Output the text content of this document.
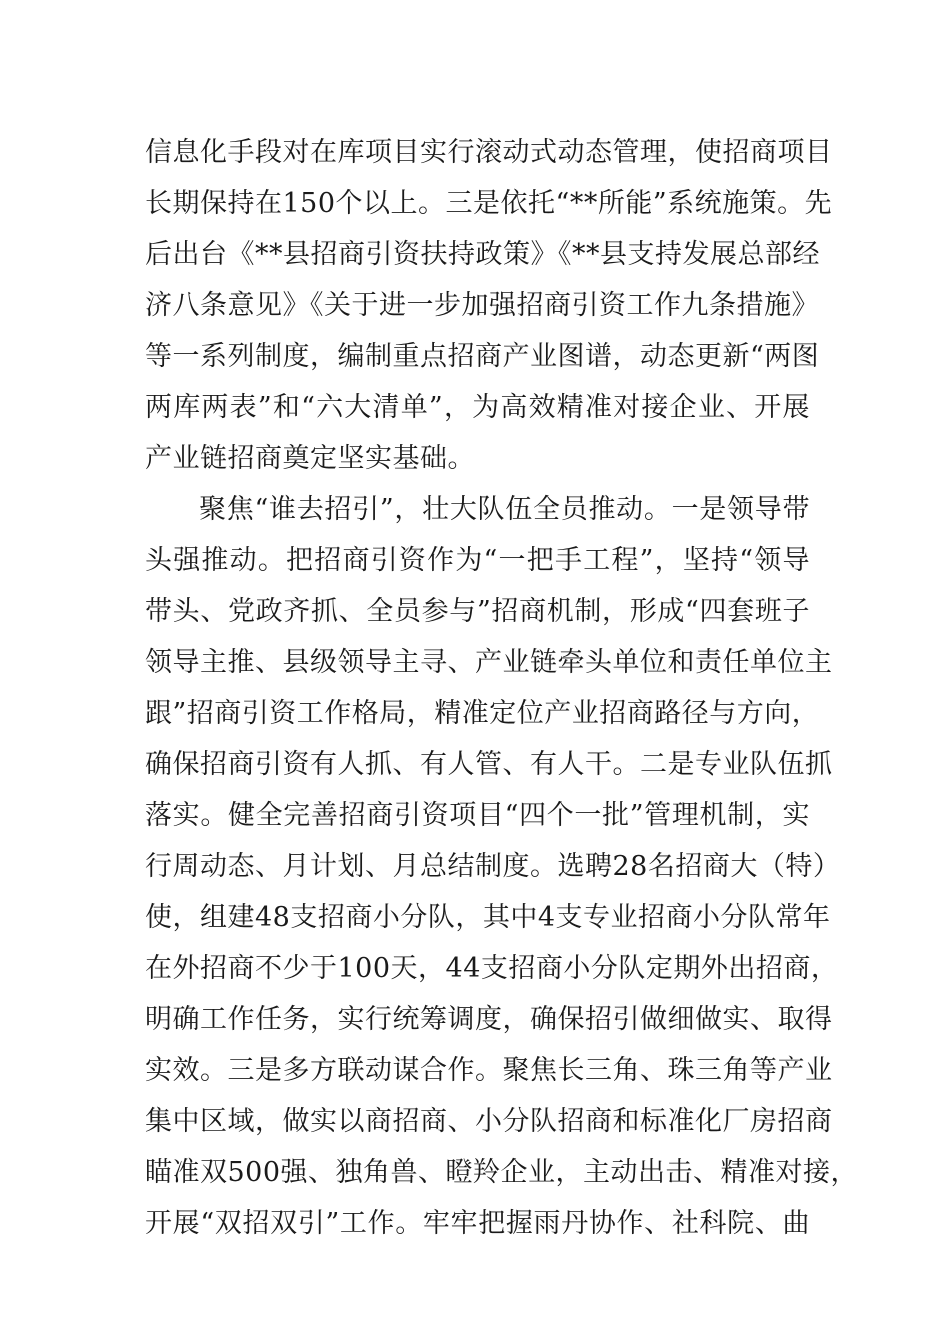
信息化手段对在库项目实行滚动式动态管理，使招商项目
长期保持在150个以上。三是依托“**所能”系统施策。先
后出台《**县招商引资扶持政策》《**县支持发展总部经
济八条意见》《关于进一步加强招商引资工作九条措施》
等一系列制度，编制重点招商产业图谱，动态更新“两图
两库两表”和“六大清单”，为高效精准对接企业、开展
产业链招商奠定坚实基础。
聚焦“谁去招引”，壮大队伍全员推动。一是领导带
头强推动。把招商引资作为“一把手工程”，坚持“领导
带头、党政齐抓、全员参与”招商机制，形成“四套班子
领导主推、县级领导主寻、产业链牵头单位和责任单位主
跟”招商引资工作格局，精准定位产业招商路径与方向，
确保招商引资有人抓、有人管、有人干。二是专业队伍抓
落实。健全完善招商引资项目“四个一批”管理机制，实
行周动态、月计划、月总结制度。选聘28名招商大（特）
使，组建48支招商小分队，其中4支专业招商小分队常年
在外招商不少于100天，44支招商小分队定期外出招商，
明确工作任务，实行统筹调度，确保招引做细做实、取得
实效。三是多方联动谋合作。聚焦长三角、珠三角等产业
集中区域，做实以商招商、小分队招商和标准化厂房招商
瞄准双500强、独角兽、瞪羚企业，主动出击、精准对接，
开展“双招双引”工作。牢牢把握雨丹协作、社科院、曲
